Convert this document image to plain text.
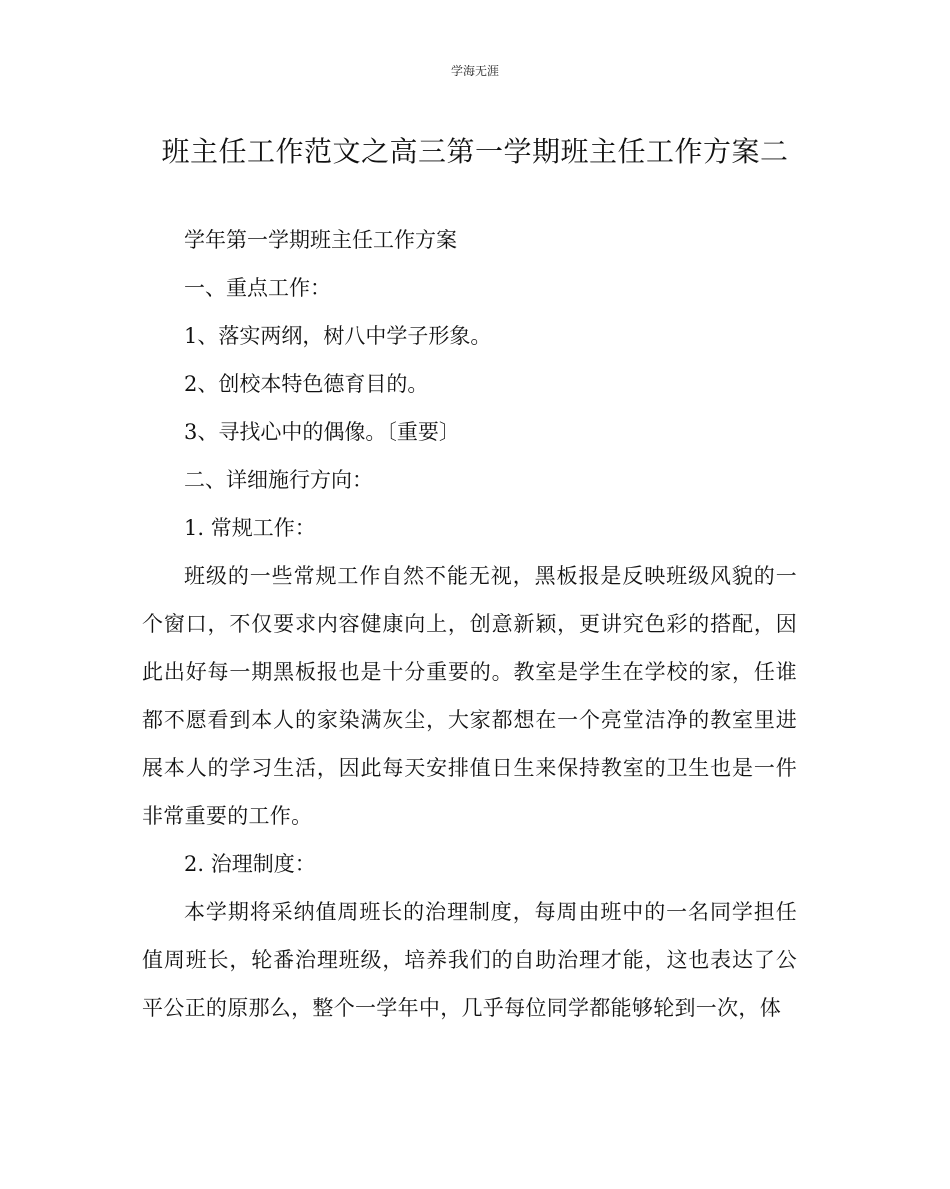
学海无涯
班主任工作范文之高三第一学期班主任工作方案二

学年第一学期班主任工作方案

一、重点工作：

1、落实两纲，树八中学子形象。

2、创校本特色德育目的。

3、寻找心中的偶像。〔重要〕

二、详细施行方向：

1. 常规工作：

班级的一些常规工作自然不能无视，黑板报是反映班级风貌的一个窗口，不仅要求内容健康向上，创意新颖，更讲究色彩的搭配，因此出好每一期黑板报也是十分重要的。教室是学生在学校的家，任谁都不愿看到本人的家染满灰尘，大家都想在一个亮堂洁净的教室里进展本人的学习生活，因此每天安排值日生来保持教室的卫生也是一件非常重要的工作。

2. 治理制度：

本学期将采纳值周班长的治理制度，每周由班中的一名同学担任值周班长，轮番治理班级，培养我们的自助治理才能，这也表达了公平公正的原那么，整个一学年中，几乎每位同学都能够轮到一次，体
